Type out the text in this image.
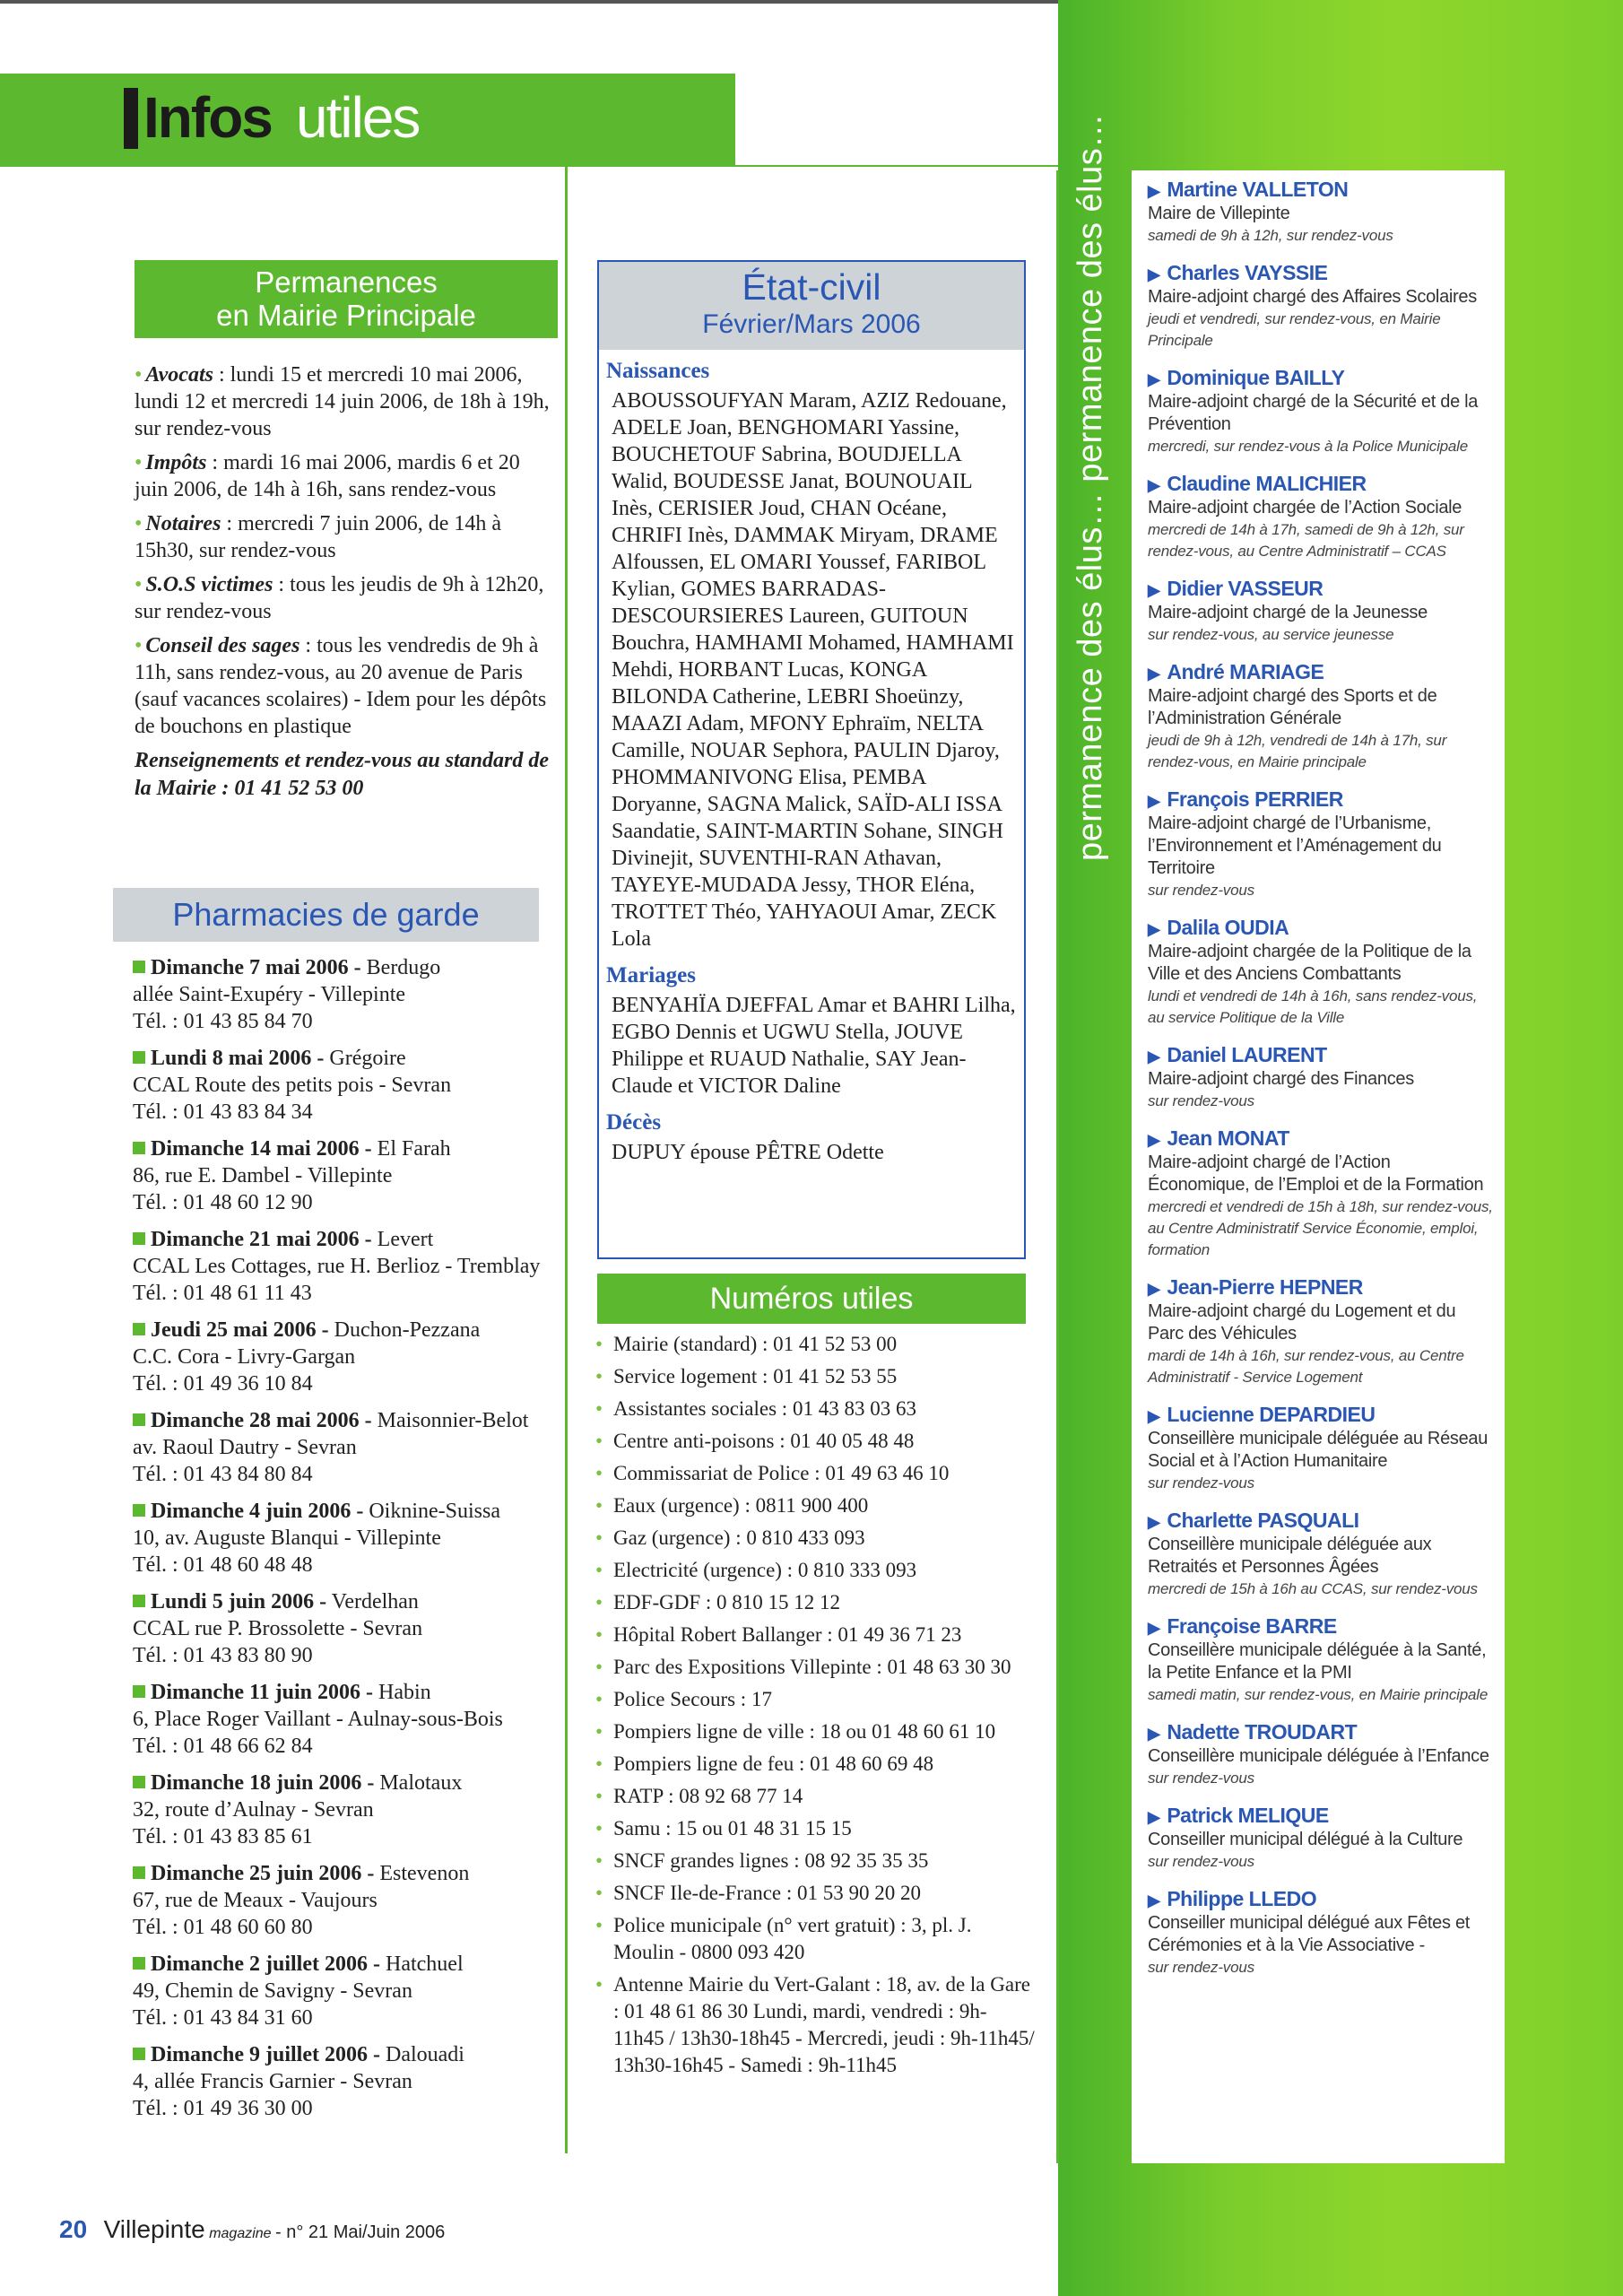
permanence des élus… permanence des élus…
Infos utiles
Permanences
en Mairie Principale
• Avocats : lundi 15 et mercredi 10 mai 2006, lundi 12 et mercredi 14 juin 2006, de 18h à 19h, sur rendez-vous
• Impôts : mardi 16 mai 2006, mardis 6 et 20 juin 2006, de 14h à 16h, sans rendez-vous
• Notaires : mercredi 7 juin 2006, de 14h à 15h30, sur rendez-vous
• S.O.S victimes : tous les jeudis de 9h à 12h20, sur rendez-vous
• Conseil des sages : tous les vendredis de 9h à 11h, sans rendez-vous, au 20 avenue de Paris (sauf vacances scolaires) - Idem pour les dépôts de bouchons en plastique
Renseignements et rendez-vous au standard de la Mairie : 01 41 52 53 00
Pharmacies de garde
Dimanche 7 mai 2006 - Berdugo
allée Saint-Exupéry - Villepinte
Tél. : 01 43 85 84 70
Lundi 8 mai 2006 - Grégoire
CCAL Route des petits pois - Sevran
Tél. : 01 43 83 84 34
Dimanche 14 mai 2006 - El Farah
86, rue E. Dambel - Villepinte
Tél. : 01 48 60 12 90
Dimanche 21 mai 2006 - Levert
CCAL Les Cottages, rue H. Berlioz - Tremblay
Tél. : 01 48 61 11 43
Jeudi 25 mai 2006 - Duchon-Pezzana
C.C. Cora - Livry-Gargan
Tél. : 01 49 36 10 84
Dimanche 28 mai 2006 - Maisonnier-Belot
av. Raoul Dautry - Sevran
Tél. : 01 43 84 80 84
Dimanche 4 juin 2006 - Oiknine-Suissa
10, av. Auguste Blanqui - Villepinte
Tél. : 01 48 60 48 48
Lundi 5 juin 2006 - Verdelhan
CCAL rue P. Brossolette - Sevran
Tél. : 01 43 83 80 90
Dimanche 11 juin 2006 - Habin
6, Place Roger Vaillant - Aulnay-sous-Bois
Tél. : 01 48 66 62 84
Dimanche 18 juin 2006 - Malotaux
32, route d’Aulnay - Sevran
Tél. : 01 43 83 85 61
Dimanche 25 juin 2006 - Estevenon
67, rue de Meaux - Vaujours
Tél. : 01 48 60 60 80
Dimanche 2 juillet 2006 - Hatchuel
49, Chemin de Savigny - Sevran
Tél. : 01 43 84 31 60
Dimanche 9 juillet 2006 - Dalouadi
4, allée Francis Garnier - Sevran
Tél. : 01 49 36 30 00
État-civil
Février/Mars 2006
Naissances
ABOUSSOUFYAN Maram, AZIZ Redouane, ADELE Joan, BENGHOMARI Yassine, BOUCHETOUF Sabrina, BOUDJELLA Walid, BOUDESSE Janat, BOUNOUAIL Inès, CERISIER Joud, CHAN Océane, CHRIFI Inès, DAMMAK Miryam, DRAME Alfoussen, EL OMARI Youssef, FARIBOL Kylian, GOMES BARRADAS-DESCOURSIERES Laureen, GUITOUN Bouchra, HAMHAMI Mohamed, HAMHAMI Mehdi, HORBANT Lucas, KONGA BILONDA Catherine, LEBRI Shoeünzy, MAAZI Adam, MFONY Ephraïm, NELTA Camille, NOUAR Sephora, PAULIN Djaroy, PHOMMANIVONG Elisa, PEMBA Doryanne, SAGNA Malick, SAÏD-ALI ISSA Saandatie, SAINT-MARTIN Sohane, SINGH Divinejit, SUVENTHI-RAN Athavan, TAYEYE-MUDADA Jessy, THOR Eléna, TROTTET Théo, YAHYAOUI Amar, ZECK Lola
Mariages
BENYAHÏA DJEFFAL Amar et BAHRI Lilha, EGBO Dennis et UGWU Stella, JOUVE Philippe et RUAUD Nathalie, SAY Jean-Claude et VICTOR Daline
Décès
DUPUY épouse PÊTRE Odette
Numéros utiles
• Mairie (standard) : 01 41 52 53 00
• Service logement : 01 41 52 53 55
• Assistantes sociales : 01 43 83 03 63
• Centre anti-poisons : 01 40 05 48 48
• Commissariat de Police : 01 49 63 46 10
• Eaux (urgence) : 0811 900 400
• Gaz (urgence) : 0 810 433 093
• Electricité (urgence) : 0 810 333 093
• EDF-GDF : 0 810 15 12 12
• Hôpital Robert Ballanger : 01 49 36 71 23
• Parc des Expositions Villepinte : 01 48 63 30 30
• Police Secours : 17
• Pompiers ligne de ville : 18 ou 01 48 60 61 10
• Pompiers ligne de feu : 01 48 60 69 48
• RATP : 08 92 68 77 14
• Samu : 15 ou 01 48 31 15 15
• SNCF grandes lignes : 08 92 35 35 35
• SNCF Ile-de-France : 01 53 90 20 20
• Police municipale (n° vert gratuit) : 3, pl. J. Moulin - 0800 093 420
• Antenne Mairie du Vert-Galant : 18, av. de la Gare : 01 48 61 86 30 Lundi, mardi, vendredi : 9h-11h45 / 13h30-18h45 - Mercredi, jeudi : 9h-11h45/ 13h30-16h45 - Samedi : 9h-11h45
▶ Martine VALLETON
Maire de Villepinte
samedi de 9h à 12h, sur rendez-vous
▶ Charles VAYSSIE
Maire-adjoint chargé des Affaires Scolaires
jeudi et vendredi, sur rendez-vous, en Mairie Principale
▶ Dominique BAILLY
Maire-adjoint chargé de la Sécurité et de la Prévention
mercredi, sur rendez-vous à la Police Municipale
▶ Claudine MALICHIER
Maire-adjoint chargée de l’Action Sociale
mercredi de 14h à 17h, samedi de 9h à 12h, sur rendez-vous, au Centre Administratif – CCAS
▶ Didier VASSEUR
Maire-adjoint chargé de la Jeunesse
sur rendez-vous, au service jeunesse
▶ André MARIAGE
Maire-adjoint chargé des Sports et de l’Administration Générale
jeudi de 9h à 12h, vendredi de 14h à 17h, sur rendez-vous, en Mairie principale
▶ François PERRIER
Maire-adjoint chargé de l’Urbanisme, l’Environnement et l’Aménagement du Territoire
sur rendez-vous
▶ Dalila OUDIA
Maire-adjoint chargée de la Politique de la Ville et des Anciens Combattants
lundi et vendredi de 14h à 16h, sans rendez-vous, au service Politique de la Ville
▶ Daniel LAURENT
Maire-adjoint chargé des Finances
sur rendez-vous
▶ Jean MONAT
Maire-adjoint chargé de l’Action Économique, de l’Emploi et de la Formation
mercredi et vendredi de 15h à 18h, sur rendez-vous, au Centre Administratif Service Économie, emploi, formation
▶ Jean-Pierre HEPNER
Maire-adjoint chargé du Logement et du Parc des Véhicules
mardi de 14h à 16h, sur rendez-vous, au Centre Administratif - Service Logement
▶ Lucienne DEPARDIEU
Conseillère municipale déléguée au Réseau Social et à l’Action Humanitaire
sur rendez-vous
▶ Charlette PASQUALI
Conseillère municipale déléguée aux Retraités et Personnes Âgées
mercredi de 15h à 16h au CCAS, sur rendez-vous
▶ Françoise BARRE
Conseillère municipale déléguée à la Santé, la Petite Enfance et la PMI
samedi matin, sur rendez-vous, en Mairie principale
▶ Nadette TROUDART
Conseillère municipale déléguée à l’Enfance
sur rendez-vous
▶ Patrick MELIQUE
Conseiller municipal délégué à la Culture
sur rendez-vous
▶ Philippe LLEDO
Conseiller municipal délégué aux Fêtes et Cérémonies et à la Vie Associative -
sur rendez-vous
20 Villepinte magazine - n° 21 Mai/Juin 2006
